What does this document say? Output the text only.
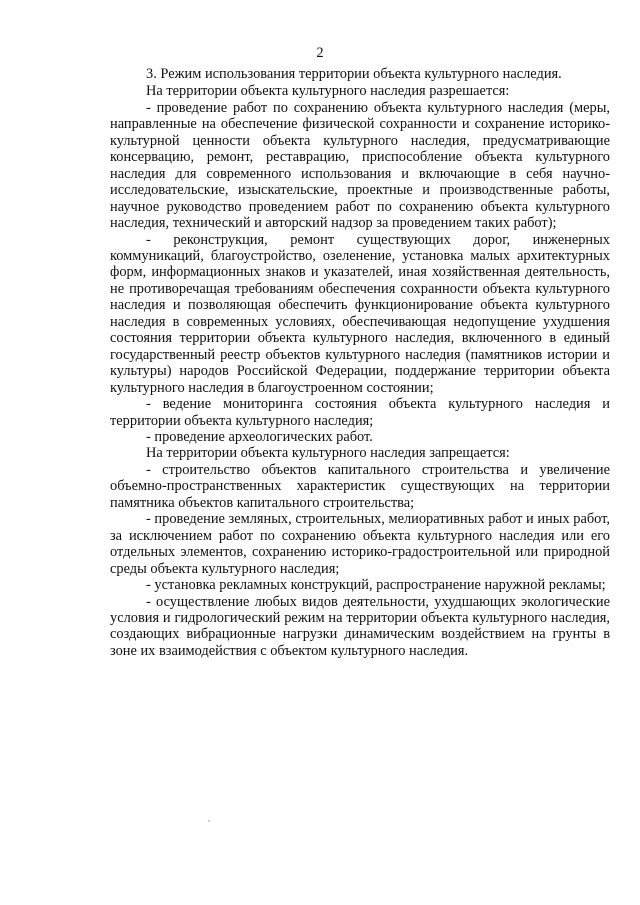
2

3. Режим использования территории объекта культурного наследия.

На территории объекта культурного наследия разрешается:

- проведение работ по сохранению объекта культурного наследия (меры, направленные на обеспечение физической сохранности и сохранение историко-культурной ценности объекта культурного наследия, предусматривающие консервацию, ремонт, реставрацию, приспособление объекта культурного наследия для современного использования и включающие в себя научно-исследовательские, изыскательские, проектные и производственные работы, научное руководство проведением работ по сохранению объекта культурного наследия, технический и авторский надзор за проведением таких работ);

- реконструкция, ремонт существующих дорог, инженерных коммуникаций, благоустройство, озеленение, установка малых архитектурных форм, информационных знаков и указателей, иная хозяйственная деятельность, не противоречащая требованиям обеспечения сохранности объекта культурного наследия и позволяющая обеспечить функционирование объекта культурного наследия в современных условиях, обеспечивающая недопущение ухудшения состояния территории объекта культурного наследия, включенного в единый государственный реестр объектов культурного наследия (памятников истории и культуры) народов Российской Федерации, поддержание территории объекта культурного наследия в благоустроенном состоянии;

- ведение мониторинга состояния объекта культурного наследия и территории объекта культурного наследия;

- проведение археологических работ.

На территории объекта культурного наследия запрещается:

- строительство объектов капитального строительства и увеличение объемно-пространственных характеристик существующих на территории памятника объектов капитального строительства;

- проведение земляных, строительных, мелиоративных работ и иных работ, за исключением работ по сохранению объекта культурного наследия или его отдельных элементов, сохранению историко-градостроительной или природной среды объекта культурного наследия;

- установка рекламных конструкций, распространение наружной рекламы;

- осуществление любых видов деятельности, ухудшающих экологические условия и гидрологический режим на территории объекта культурного наследия, создающих вибрационные нагрузки динамическим воздействием на грунты в зоне их взаимодействия с объектом культурного наследия.
